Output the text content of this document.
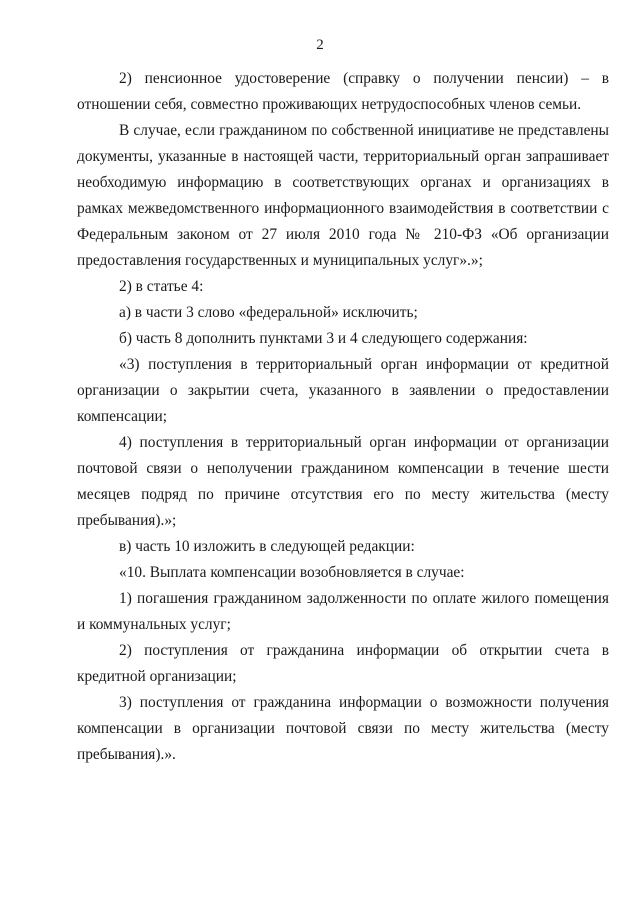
2

2) пенсионное удостоверение (справку о получении пенсии) – в отношении себя, совместно проживающих нетрудоспособных членов семьи.

В случае, если гражданином по собственной инициативе не представлены документы, указанные в настоящей части, территориальный орган запрашивает необходимую информацию в соответствующих органах и организациях в рамках межведомственного информационного взаимодействия в соответствии с Федеральным законом от 27 июля 2010 года № 210-ФЗ «Об организации предоставления государственных и муниципальных услуг».»;

2) в статье 4:

а) в части 3 слово «федеральной» исключить;

б) часть 8 дополнить пунктами 3 и 4 следующего содержания:

«3) поступления в территориальный орган информации от кредитной организации о закрытии счета, указанного в заявлении о предоставлении компенсации;

4) поступления в территориальный орган информации от организации почтовой связи о неполучении гражданином компенсации в течение шести месяцев подряд по причине отсутствия его по месту жительства (месту пребывания).»;

в) часть 10 изложить в следующей редакции:

«10. Выплата компенсации возобновляется в случае:

1) погашения гражданином задолженности по оплате жилого помещения и коммунальных услуг;

2) поступления от гражданина информации об открытии счета в кредитной организации;

3) поступления от гражданина информации о возможности получения компенсации в организации почтовой связи по месту жительства (месту пребывания).».
